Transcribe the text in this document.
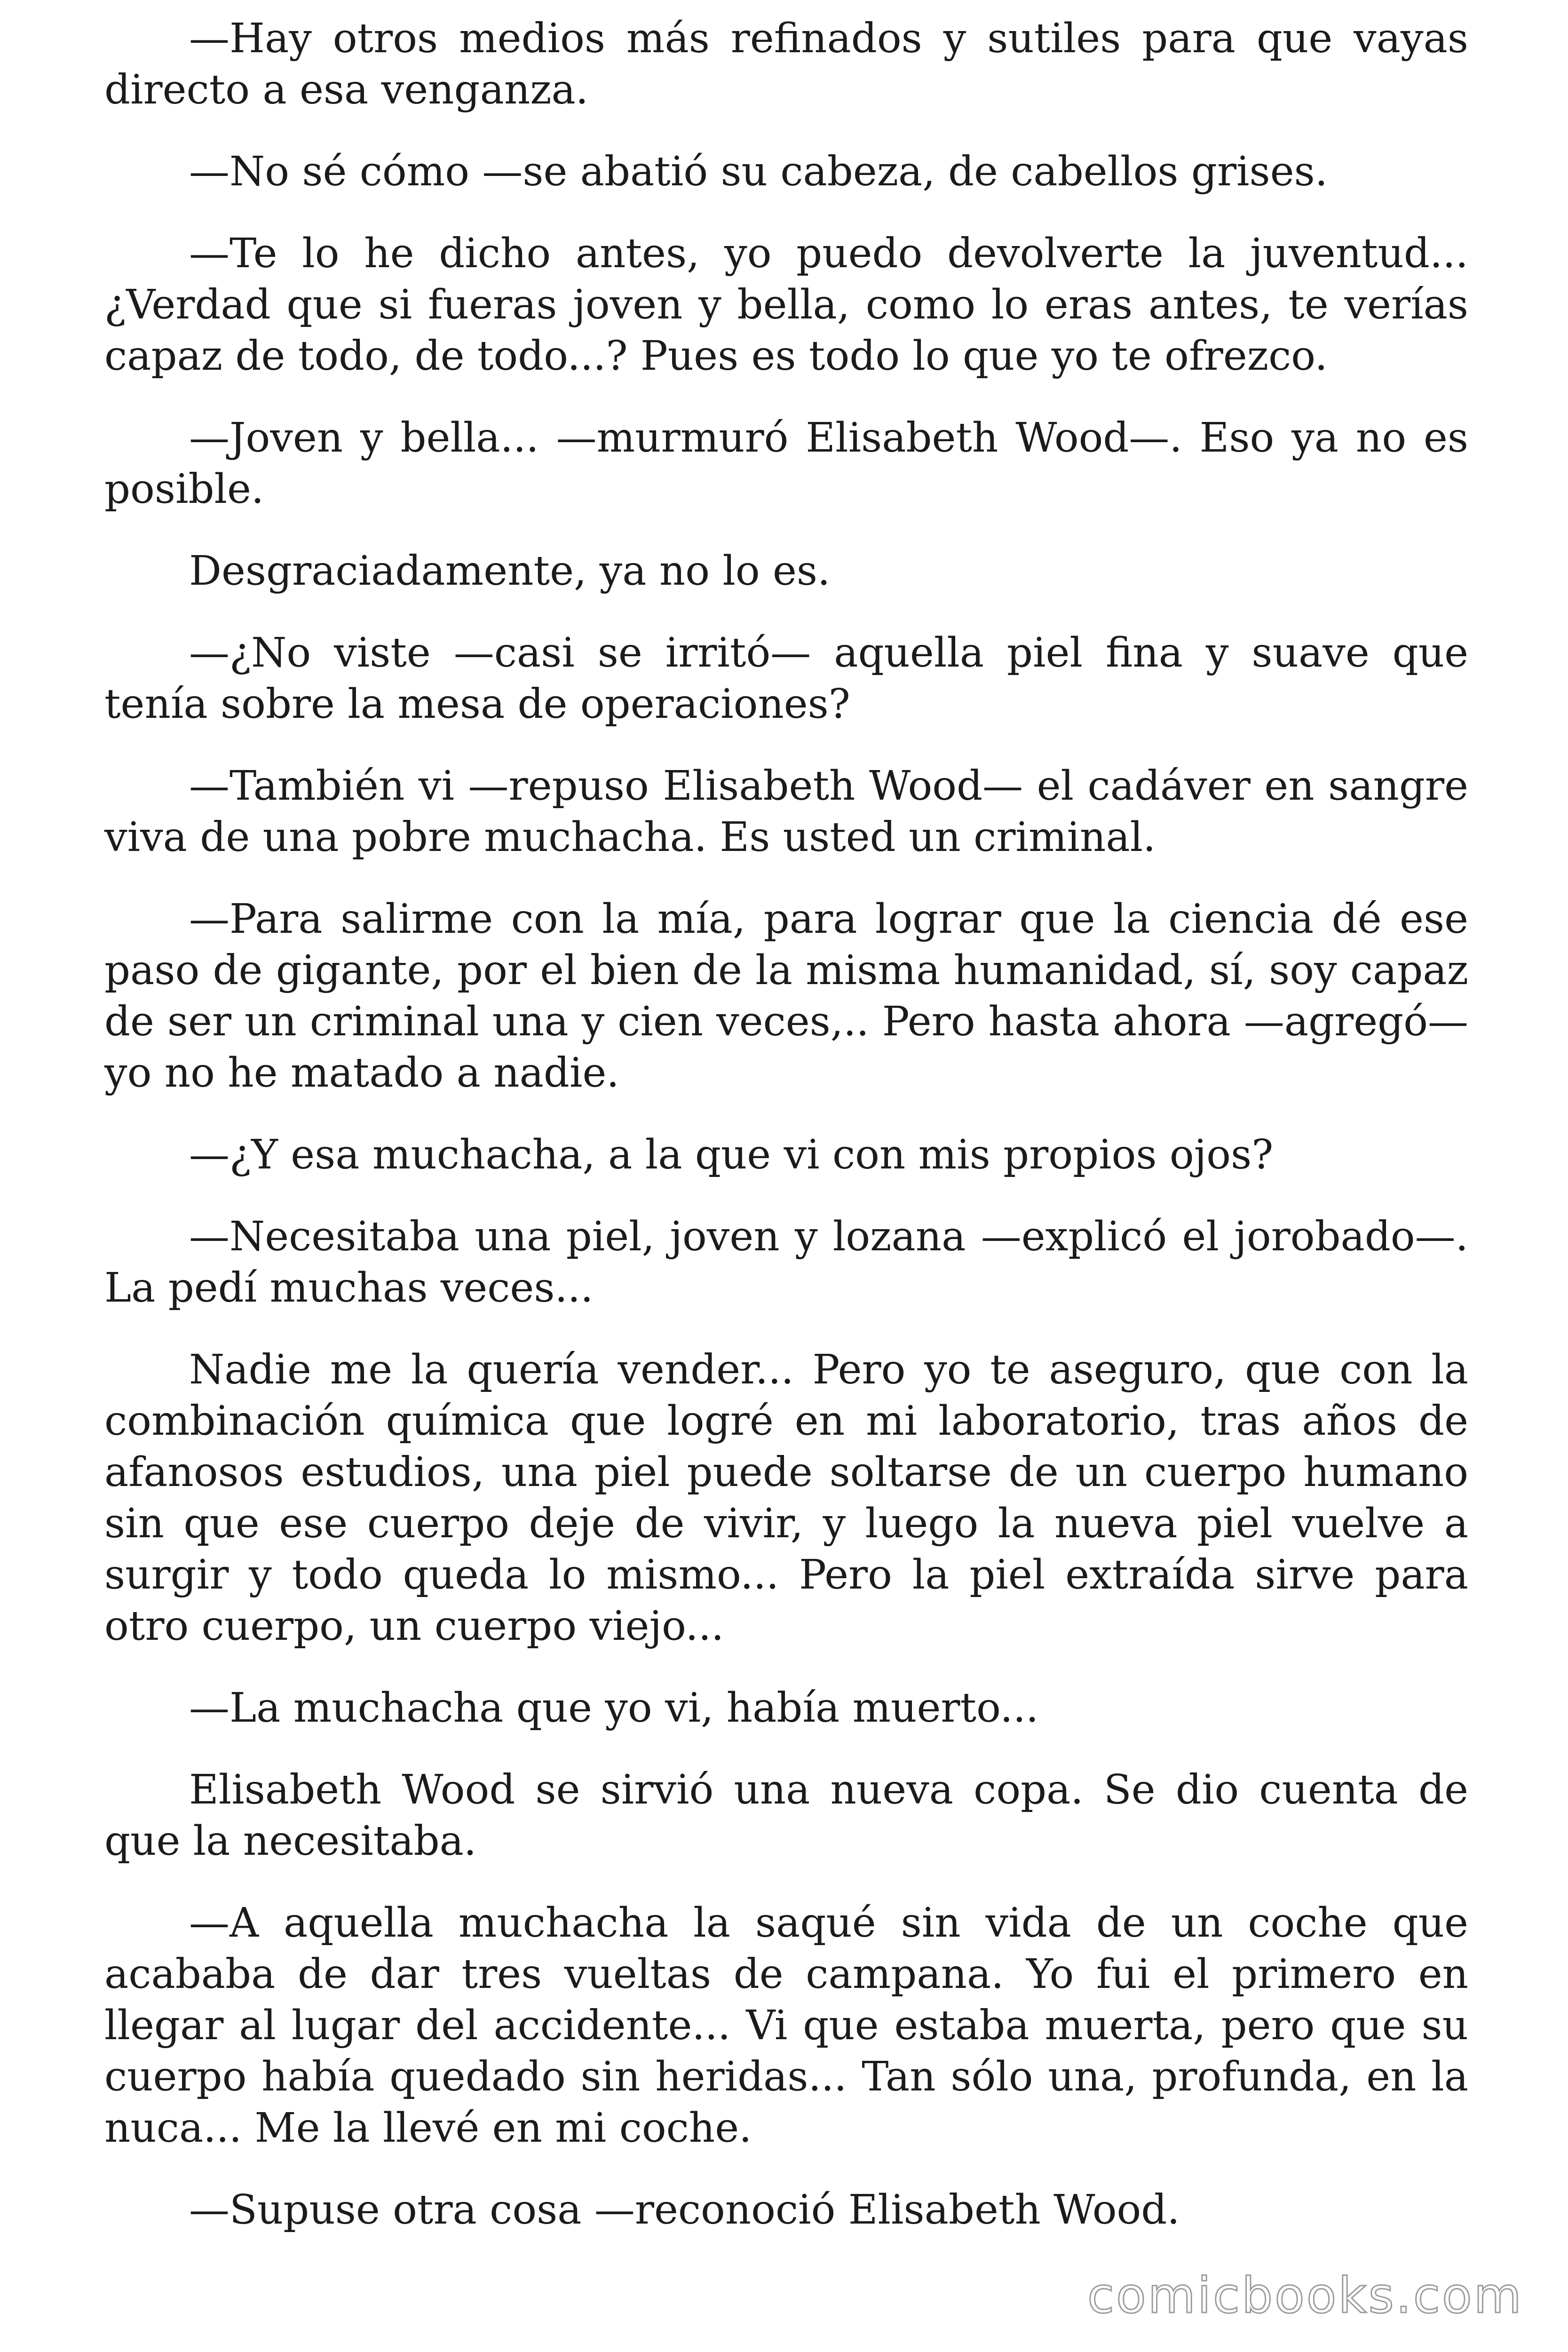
—Hay otros medios más refinados y sutiles para que vayas directo a esa venganza.

—No sé cómo —se abatió su cabeza, de cabellos grises.

—Te lo he dicho antes, yo puedo devolverte la juventud... ¿Verdad que si fueras joven y bella, como lo eras antes, te verías capaz de todo, de todo...? Pues es todo lo que yo te ofrezco.

—Joven y bella... —murmuró Elisabeth Wood—. Eso ya no es posible.

Desgraciadamente, ya no lo es.

—¿No viste —casi se irritó— aquella piel fina y suave que tenía sobre la mesa de operaciones?

—También vi —repuso Elisabeth Wood— el cadáver en sangre viva de una pobre muchacha. Es usted un criminal.

—Para salirme con la mía, para lograr que la ciencia dé ese paso de gigante, por el bien de la misma humanidad, sí, soy capaz de ser un criminal una y cien veces,.. Pero hasta ahora —agregó— yo no he matado a nadie.

—¿Y esa muchacha, a la que vi con mis propios ojos?

—Necesitaba una piel, joven y lozana —explicó el jorobado—. La pedí muchas veces...

Nadie me la quería vender... Pero yo te aseguro, que con la combinación química que logré en mi laboratorio, tras años de afanosos estudios, una piel puede soltarse de un cuerpo humano sin que ese cuerpo deje de vivir, y luego la nueva piel vuelve a surgir y todo queda lo mismo... Pero la piel extraída sirve para otro cuerpo, un cuerpo viejo...

—La muchacha que yo vi, había muerto...

Elisabeth Wood se sirvió una nueva copa. Se dio cuenta de que la necesitaba.

—A aquella muchacha la saqué sin vida de un coche que acababa de dar tres vueltas de campana. Yo fui el primero en llegar al lugar del accidente... Vi que estaba muerta, pero que su cuerpo había quedado sin heridas... Tan sólo una, profunda, en la nuca... Me la llevé en mi coche.

—Supuse otra cosa —reconoció Elisabeth Wood.

comicbooks.com
